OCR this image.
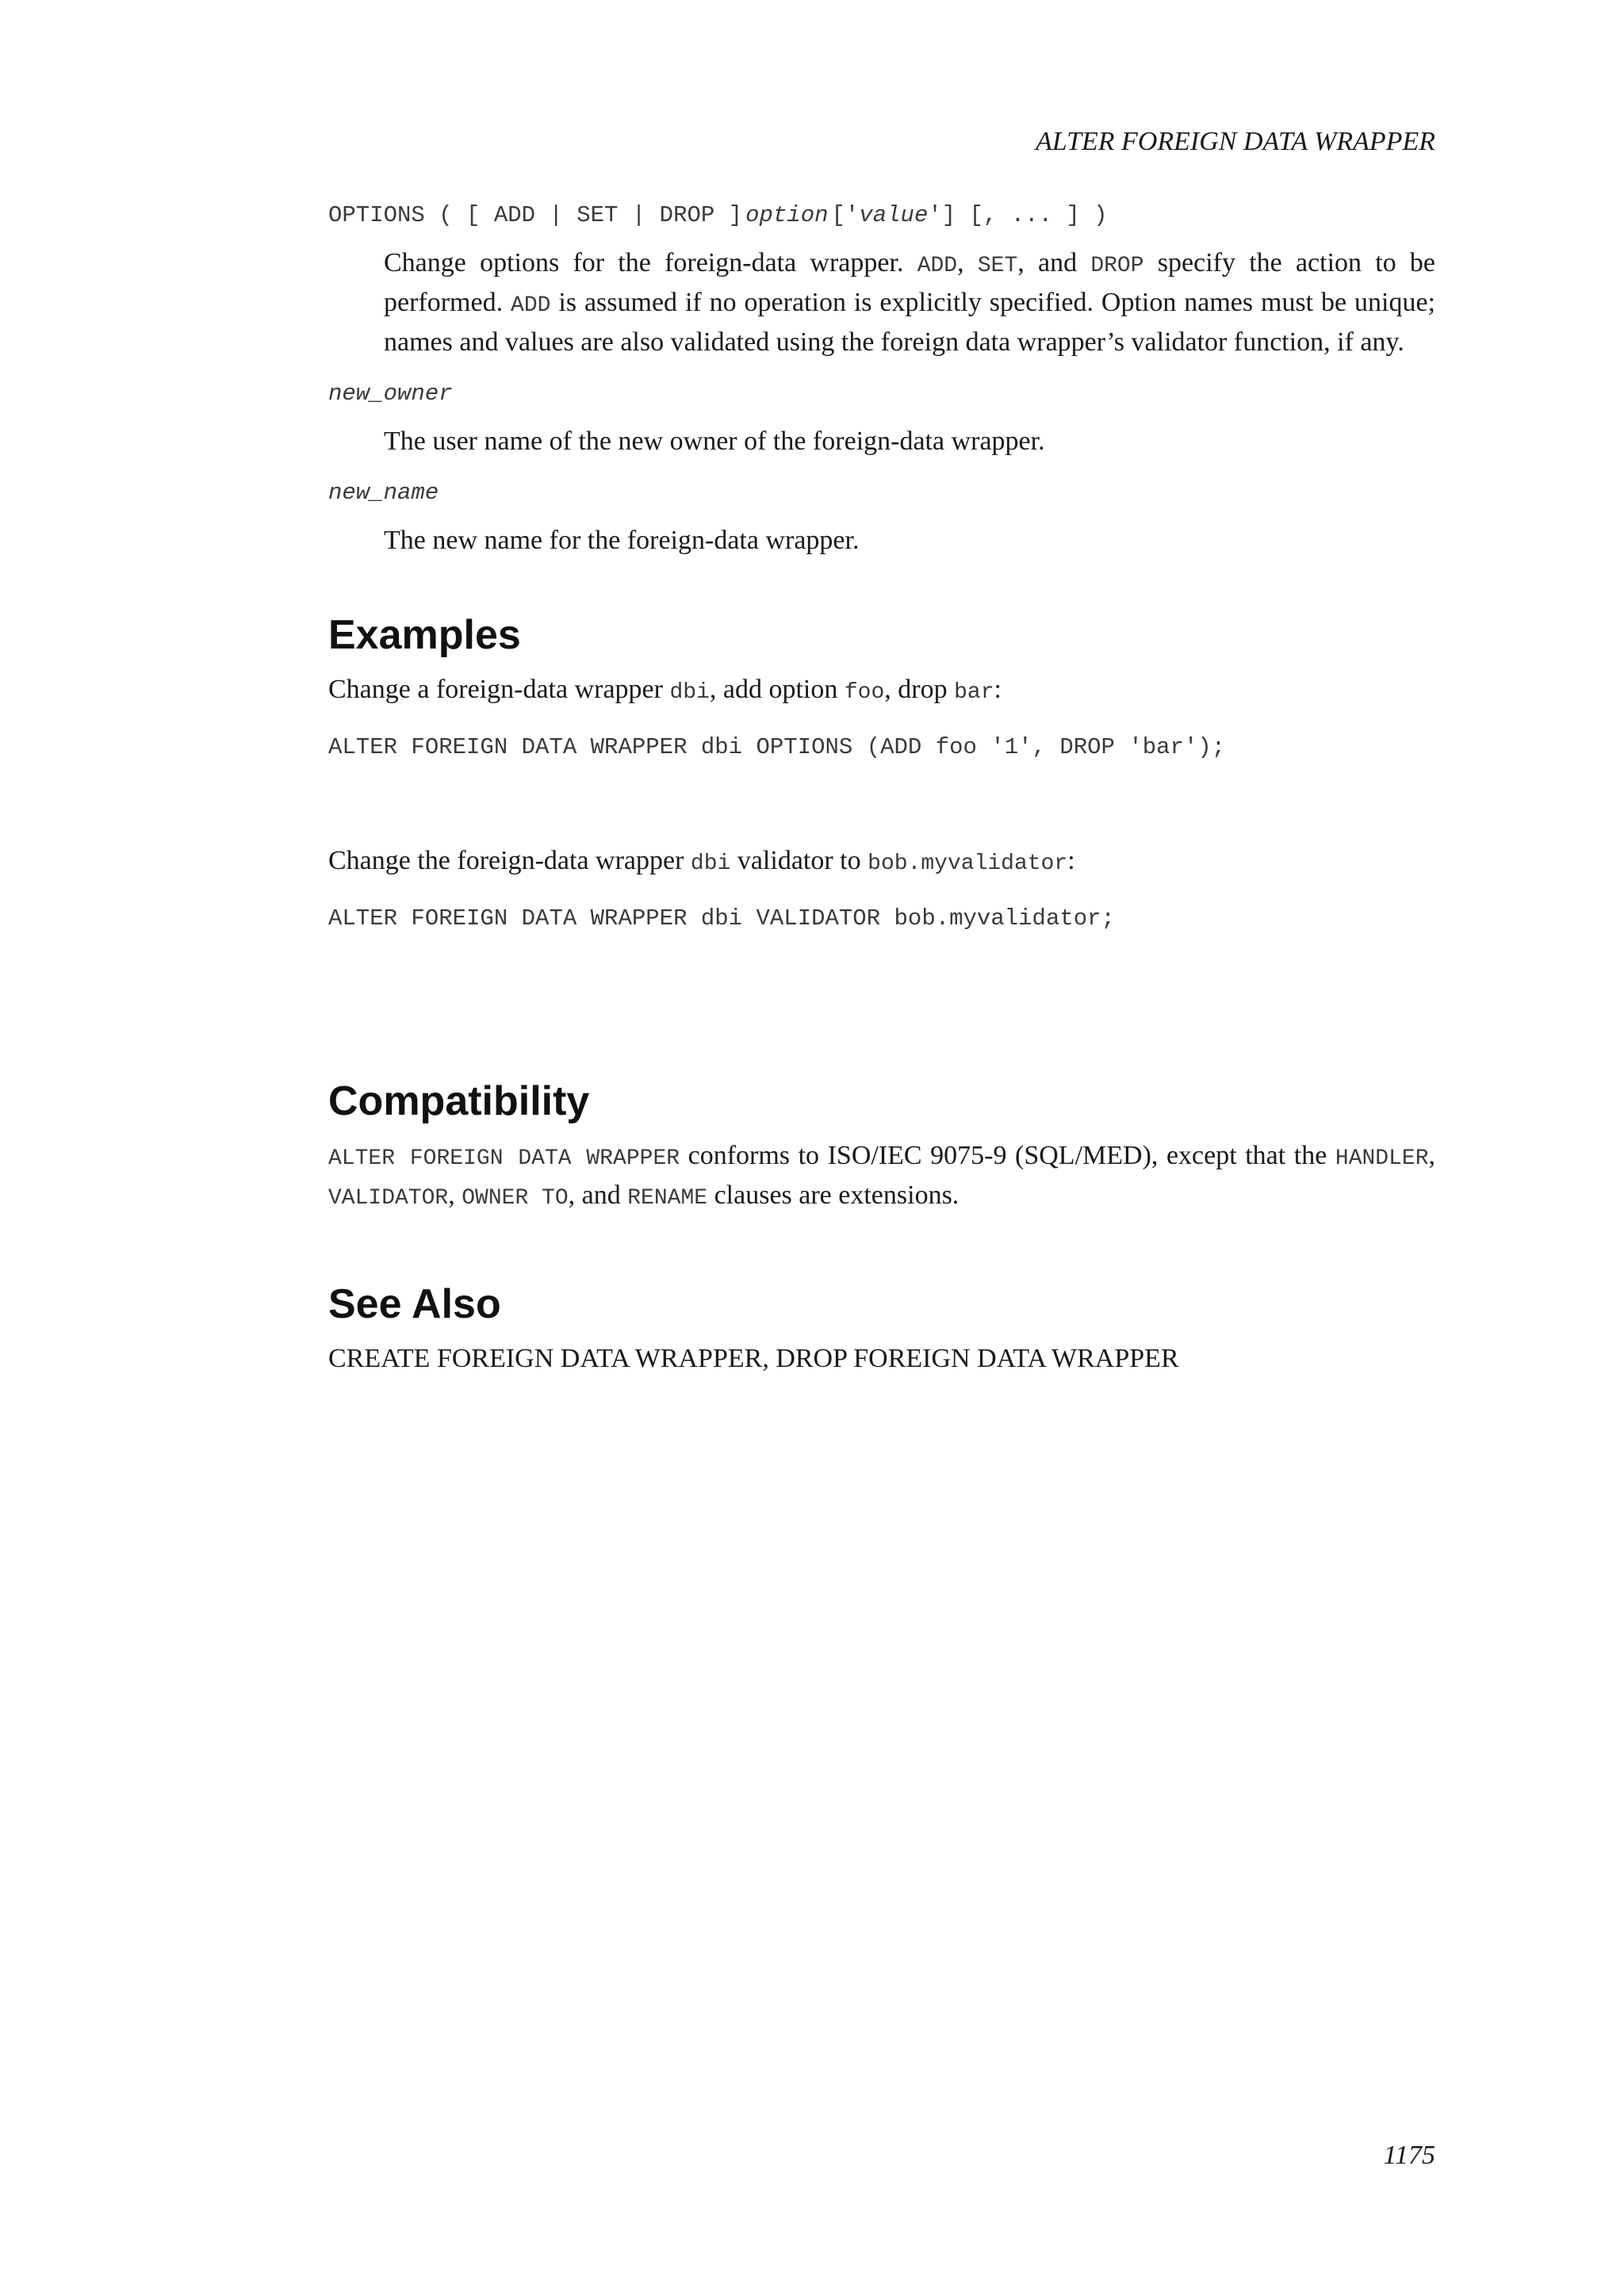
ALTER FOREIGN DATA WRAPPER

OPTIONS ( [ ADD | SET | DROP ] option ['value'] [, ... ] )

Change options for the foreign-data wrapper. ADD, SET, and DROP specify the action to be performed. ADD is assumed if no operation is explicitly specified. Option names must be unique; names and values are also validated using the foreign data wrapper’s validator function, if any.

new_owner

The user name of the new owner of the foreign-data wrapper.

new_name

The new name for the foreign-data wrapper.

Examples

Change a foreign-data wrapper dbi, add option foo, drop bar:

ALTER FOREIGN DATA WRAPPER dbi OPTIONS (ADD foo '1', DROP 'bar');

Change the foreign-data wrapper dbi validator to bob.myvalidator:

ALTER FOREIGN DATA WRAPPER dbi VALIDATOR bob.myvalidator;

Compatibility

ALTER FOREIGN DATA WRAPPER conforms to ISO/IEC 9075-9 (SQL/MED), except that the HANDLER, VALIDATOR, OWNER TO, and RENAME clauses are extensions.

See Also

CREATE FOREIGN DATA WRAPPER, DROP FOREIGN DATA WRAPPER

1175
